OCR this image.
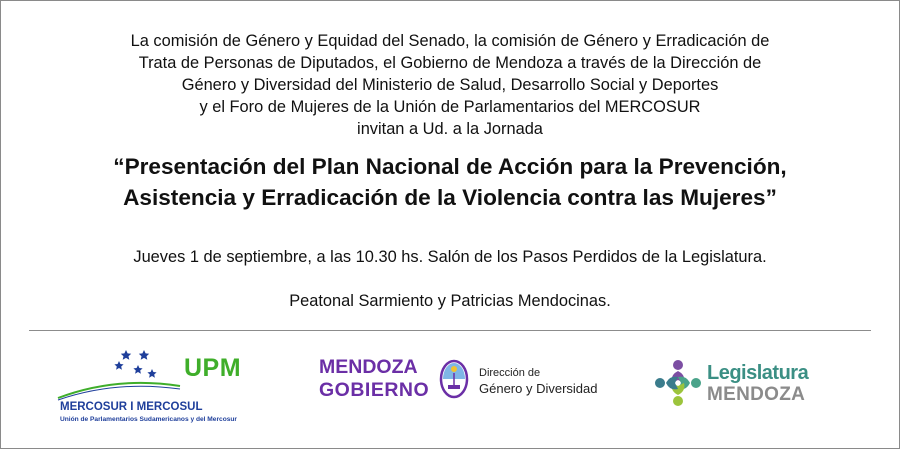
La comisión de Género y Equidad del Senado, la comisión de Género y Erradicación de
Trata de Personas de Diputados, el Gobierno de Mendoza a través de la Dirección de
Género y Diversidad del Ministerio de Salud, Desarrollo Social y Deportes
y el Foro de Mujeres de la Unión de Parlamentarios del MERCOSUR
invitan a Ud. a la Jornada
“Presentación del Plan Nacional de Acción para la Prevención,
Asistencia y Erradicación de la Violencia contra las Mujeres”
Jueves 1 de septiembre, a las 10.30 hs. Salón de los Pasos Perdidos de la Legislatura.
Peatonal Sarmiento y Patricias Mendocinas.
UPM
MERCOSUR I MERCOSUL
Unión de Parlamentarios Sudamericanos y del Mercosur
MENDOZA
GOBIERNO
Dirección de
Género y Diversidad
Legislatura
MENDOZA
